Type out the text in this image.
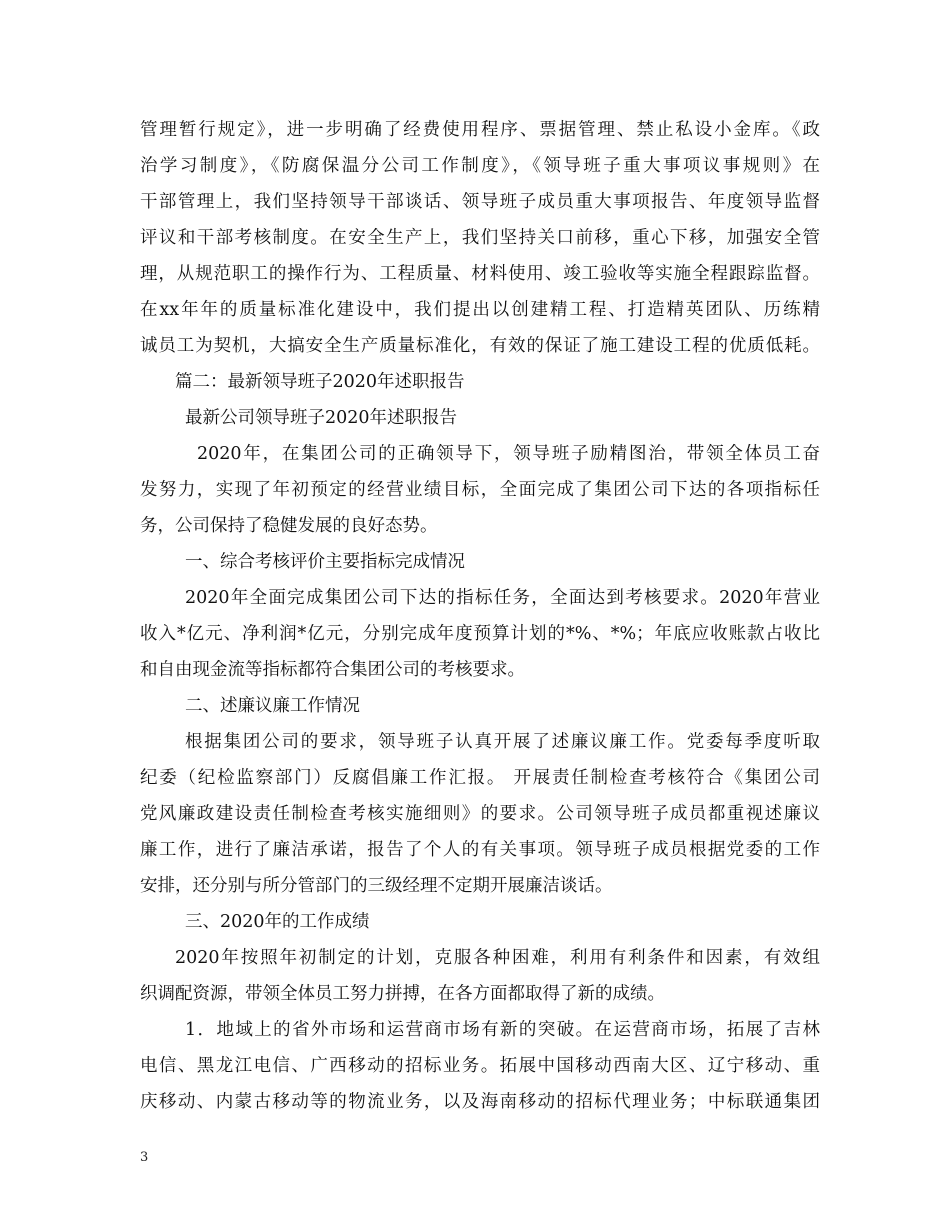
管理暂行规定》，进一步明确了经费使用程序、票据管理、禁止私设小金库。《政
治学习制度》，《防腐保温分公司工作制度》，《领导班子重大事项议事规则》在
干部管理上，我们坚持领导干部谈话、领导班子成员重大事项报告、年度领导监督
评议和干部考核制度。在安全生产上，我们坚持关口前移，重心下移，加强安全管
理，从规范职工的操作行为、工程质量、材料使用、竣工验收等实施全程跟踪监督。
在xx年年的质量标准化建设中，我们提出以创建精工程、打造精英团队、历练精
诚员工为契机，大搞安全生产质量标准化，有效的保证了施工建设工程的优质低耗。
篇二：最新领导班子2020年述职报告
最新公司领导班子2020年述职报告
2020年，在集团公司的正确领导下，领导班子励精图治，带领全体员工奋
发努力，实现了年初预定的经营业绩目标，全面完成了集团公司下达的各项指标任
务，公司保持了稳健发展的良好态势。
一、综合考核评价主要指标完成情况
2020年全面完成集团公司下达的指标任务，全面达到考核要求。2020年营业
收入*亿元、净利润*亿元，分别完成年度预算计划的*%、*%；年底应收账款占收比
和自由现金流等指标都符合集团公司的考核要求。
二、述廉议廉工作情况
根据集团公司的要求，领导班子认真开展了述廉议廉工作。党委每季度听取
纪委（纪检监察部门）反腐倡廉工作汇报。 开展责任制检查考核符合《集团公司
党风廉政建设责任制检查考核实施细则》的要求。公司领导班子成员都重视述廉议
廉工作，进行了廉洁承诺，报告了个人的有关事项。领导班子成员根据党委的工作
安排，还分别与所分管部门的三级经理不定期开展廉洁谈话。
三、2020年的工作成绩
2020年按照年初制定的计划，克服各种困难，利用有利条件和因素，有效组
织调配资源，带领全体员工努力拼搏，在各方面都取得了新的成绩。
1．地域上的省外市场和运营商市场有新的突破。在运营商市场，拓展了吉林
电信、黑龙江电信、广西移动的招标业务。拓展中国移动西南大区、辽宁移动、重
庆移动、内蒙古移动等的物流业务，以及海南移动的招标代理业务；中标联通集团
3
